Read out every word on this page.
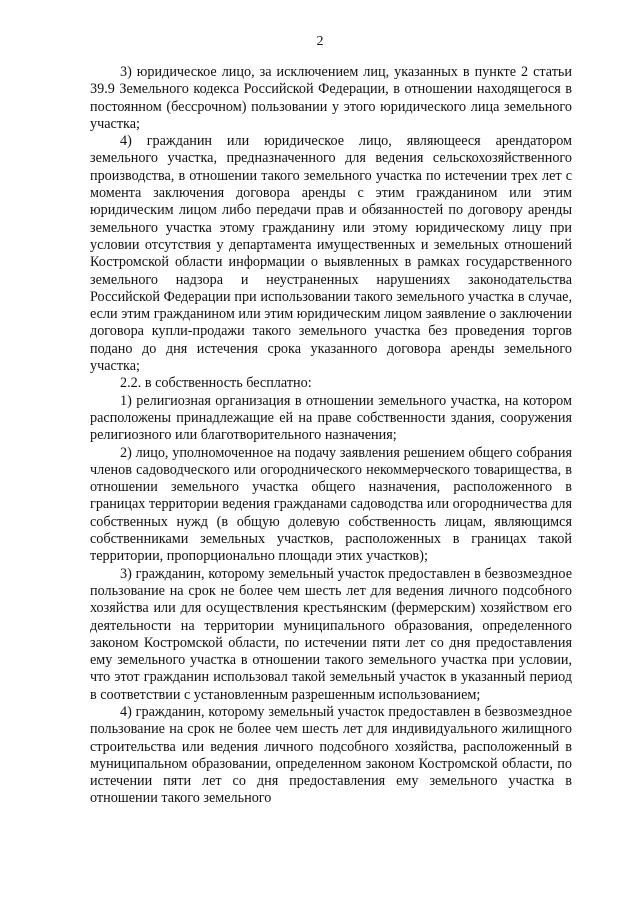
2

3) юридическое лицо, за исключением лиц, указанных в пункте 2 статьи 39.9 Земельного кодекса Российской Федерации, в отношении находящегося в постоянном (бессрочном) пользовании у этого юридического лица земельного участка;

4) гражданин или юридическое лицо, являющееся арендатором земельного участка, предназначенного для ведения сельскохозяйственного производства, в отношении такого земельного участка по истечении трех лет с момента заключения договора аренды с этим гражданином или этим юридическим лицом либо передачи прав и обязанностей по договору аренды земельного участка этому гражданину или этому юридическому лицу при условии отсутствия у департамента имущественных и земельных отношений Костромской области информации о выявленных в рамках государственного земельного надзора и неустраненных нарушениях законодательства Российской Федерации при использовании такого земельного участка в случае, если этим гражданином или этим юридическим лицом заявление о заключении договора купли-продажи такого земельного участка без проведения торгов подано до дня истечения срока указанного договора аренды земельного участка;

2.2. в собственность бесплатно:

1) религиозная организация в отношении земельного участка, на котором расположены принадлежащие ей на праве собственности здания, сооружения религиозного или благотворительного назначения;

2) лицо, уполномоченное на подачу заявления решением общего собрания членов садоводческого или огороднического некоммерческого товарищества, в отношении земельного участка общего назначения, расположенного в границах территории ведения гражданами садоводства или огородничества для собственных нужд (в общую долевую собственность лицам, являющимся собственниками земельных участков, расположенных в границах такой территории, пропорционально площади этих участков);

3) гражданин, которому земельный участок предоставлен в безвозмездное пользование на срок не более чем шесть лет для ведения личного подсобного хозяйства или для осуществления крестьянским (фермерским) хозяйством его деятельности на территории муниципального образования, определенного законом Костромской области, по истечении пяти лет со дня предоставления ему земельного участка в отношении такого земельного участка при условии, что этот гражданин использовал такой земельный участок в указанный период в соответствии с установленным разрешенным использованием;

4) гражданин, которому земельный участок предоставлен в безвозмездное пользование на срок не более чем шесть лет для индивидуального жилищного строительства или ведения личного подсобного хозяйства, расположенный в муниципальном образовании, определенном законом Костромской области, по истечении пяти лет со дня предоставления ему земельного участка в отношении такого земельного
